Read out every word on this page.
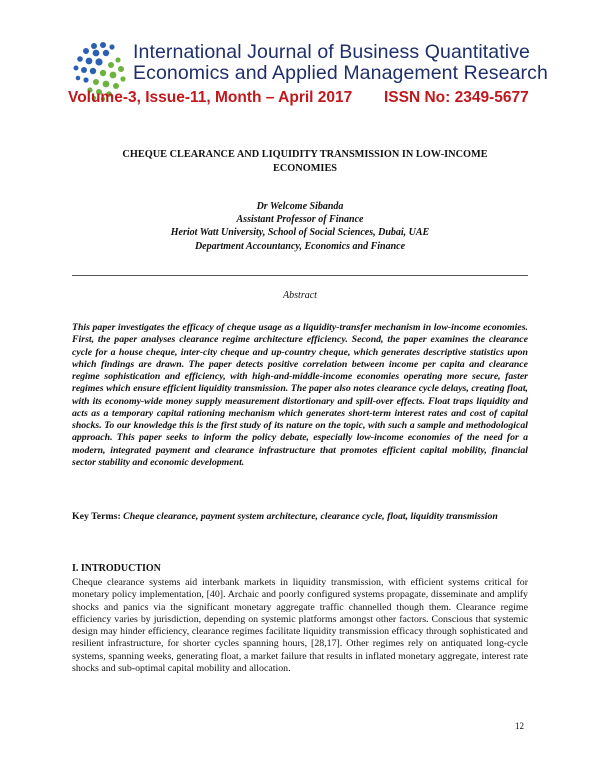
International Journal of Business Quantitative
Economics and Applied Management Research
Volume-3, Issue-11, Month – April 2017 ISSN No: 2349-5677
CHEQUE CLEARANCE AND LIQUIDITY TRANSMISSION IN LOW-INCOME ECONOMIES
Dr Welcome Sibanda
Assistant Professor of Finance
Heriot Watt University, School of Social Sciences, Dubai, UAE
Department Accountancy, Economics and Finance
Abstract
This paper investigates the efficacy of cheque usage as a liquidity-transfer mechanism in low-income economies. First, the paper analyses clearance regime architecture efficiency. Second, the paper examines the clearance cycle for a house cheque, inter-city cheque and up-country cheque, which generates descriptive statistics upon which findings are drawn. The paper detects positive correlation between income per capita and clearance regime sophistication and efficiency, with high-and-middle-income economies operating more secure, faster regimes which ensure efficient liquidity transmission. The paper also notes clearance cycle delays, creating float, with its economy-wide money supply measurement distortionary and spill-over effects. Float traps liquidity and acts as a temporary capital rationing mechanism which generates short-term interest rates and cost of capital shocks. To our knowledge this is the first study of its nature on the topic, with such a sample and methodological approach. This paper seeks to inform the policy debate, especially low-income economies of the need for a modern, integrated payment and clearance infrastructure that promotes efficient capital mobility, financial sector stability and economic development.
Key Terms: Cheque clearance, payment system architecture, clearance cycle, float, liquidity transmission
I. INTRODUCTION
Cheque clearance systems aid interbank markets in liquidity transmission, with efficient systems critical for monetary policy implementation, [40]. Archaic and poorly configured systems propagate, disseminate and amplify shocks and panics via the significant monetary aggregate traffic channelled though them. Clearance regime efficiency varies by jurisdiction, depending on systemic platforms amongst other factors. Conscious that systemic design may hinder efficiency, clearance regimes facilitate liquidity transmission efficacy through sophisticated and resilient infrastructure, for shorter cycles spanning hours, [28,17]. Other regimes rely on antiquated long-cycle systems, spanning weeks, generating float, a market failure that results in inflated monetary aggregate, interest rate shocks and sub-optimal capital mobility and allocation.
12
